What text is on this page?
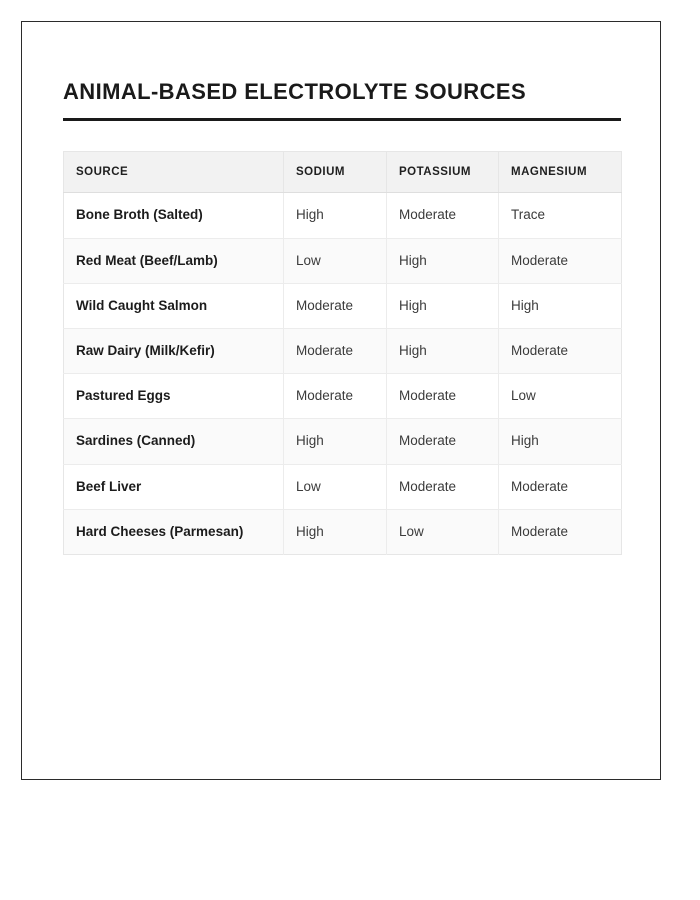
ANIMAL-BASED ELECTROLYTE SOURCES
SOURCE	SODIUM	POTASSIUM	MAGNESIUM
Bone Broth (Salted)	High	Moderate	Trace
Red Meat (Beef/Lamb)	Low	High	Moderate
Wild Caught Salmon	Moderate	High	High
Raw Dairy (Milk/Kefir)	Moderate	High	Moderate
Pastured Eggs	Moderate	Moderate	Low
Sardines (Canned)	High	Moderate	High
Beef Liver	Low	Moderate	Moderate
Hard Cheeses (Parmesan)	High	Low	Moderate
